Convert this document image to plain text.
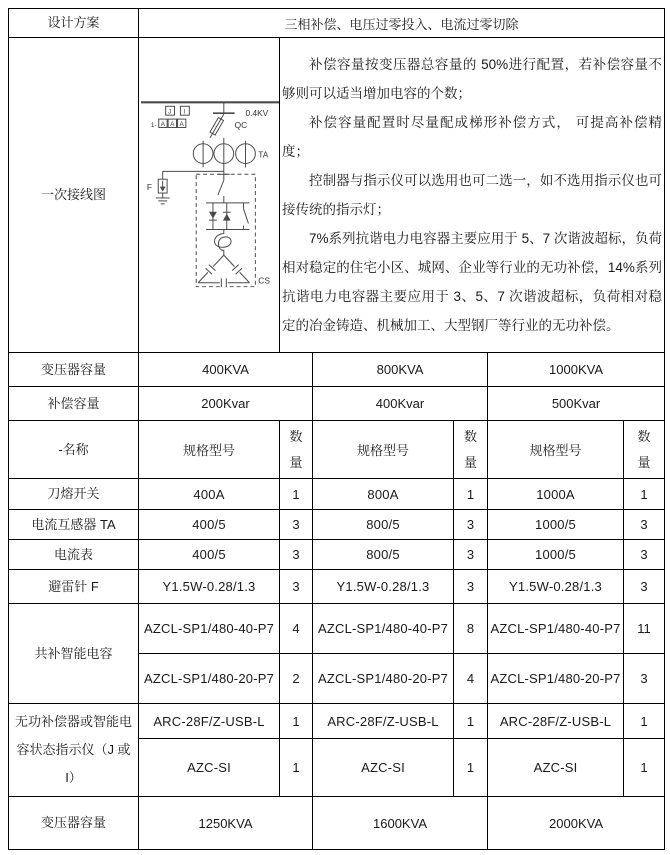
设计方案	三相补偿、电压过零投入、电流过零切除					
一次接线图	
0.4KV
QC
J I
1- A A A
TA
F
CS

补偿容量按变压器总容量的 50%进行配置，若补偿容量不够则可以适当增加电容的个数；

补偿容量配置时尽量配成梯形补偿方式， 可提高补偿精度；

控制器与指示仪可以选用也可二选一，如不选用指示仪也可接传统的指示灯；

7%系列抗谐电力电容器主要应用于 5、7 次谐波超标，负荷相对稳定的住宅小区、城网、企业等行业的无功补偿，14%系列抗谐电力电容器主要应用于 3、5、7 次谐波超标，负荷相对稳定的冶金铸造、机械加工、大型钢厂等行业的无功补偿。

变压器容量	400KVA		800KVA		1000KVA	
补偿容量	200Kvar		400Kvar		500Kvar	
-名称	规格型号	数量	规格型号	数量	规格型号	数量
刀熔开关	400A	1	800A	1	1000A	1
电流互感器 TA	400/5	3	800/5	3	1000/5	3
电流表	400/5	3	800/5	3	1000/5	3
避雷针 F	Y1.5W-0.28/1.3	3	Y1.5W-0.28/1.3	3	Y1.5W-0.28/1.3	3
共补智能电容	AZCL-SP1/480-40-P7	4	AZCL-SP1/480-40-P7	8	AZCL-SP1/480-40-P7	11
	AZCL-SP1/480-20-P7	2	AZCL-SP1/480-20-P7	4	AZCL-SP1/480-20-P7	3
无功补偿器或智能电容状态指示仪（J 或 I）	ARC-28F/Z-USB-L	1	ARC-28F/Z-USB-L	1	ARC-28F/Z-USB-L	1
	AZC-SI	1	AZC-SI	1	AZC-SI	1
变压器容量	1250KVA		1600KVA		2000KVA	
